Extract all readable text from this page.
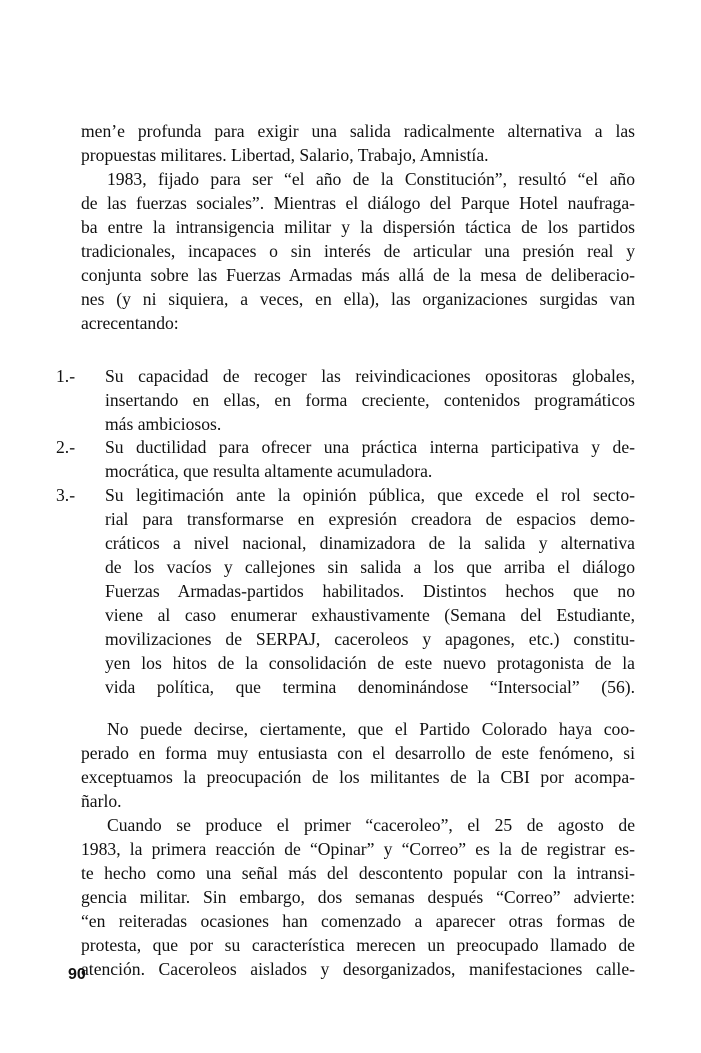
men’e profunda para exigir una salida radicalmente alternativa a las
propuestas militares. Libertad, Salario, Trabajo, Amnistía.
1983, fijado para ser “el año de la Constitución”, resultó “el año
de las fuerzas sociales”. Mientras el diálogo del Parque Hotel naufraga-
ba entre la intransigencia militar y la dispersión táctica de los partidos
tradicionales, incapaces o sin interés de articular una presión real y
conjunta sobre las Fuerzas Armadas más allá de la mesa de deliberacio-
nes (y ni siquiera, a veces, en ella), las organizaciones surgidas van
acrecentando:
1.- Su capacidad de recoger las reivindicaciones opositoras globales,
insertando en ellas, en forma creciente, contenidos programáticos
más ambiciosos.
2.- Su ductilidad para ofrecer una práctica interna participativa y de-
mocrática, que resulta altamente acumuladora.
3.- Su legitimación ante la opinión pública, que excede el rol secto-
rial para transformarse en expresión creadora de espacios demo-
cráticos a nivel nacional, dinamizadora de la salida y alternativa
de los vacíos y callejones sin salida a los que arriba el diálogo
Fuerzas Armadas-partidos habilitados. Distintos hechos que no
viene al caso enumerar exhaustivamente (Semana del Estudiante,
movilizaciones de SERPAJ, caceroleos y apagones, etc.) constitu-
yen los hitos de la consolidación de este nuevo protagonista de la
vida política, que termina denominándose “Intersocial” (56).
No puede decirse, ciertamente, que el Partido Colorado haya coo-
perado en forma muy entusiasta con el desarrollo de este fenómeno, si
exceptuamos la preocupación de los militantes de la CBI por acompa-
ñarlo.
Cuando se produce el primer “caceroleo”, el 25 de agosto de
1983, la primera reacción de “Opinar” y “Correo” es la de registrar es-
te hecho como una señal más del descontento popular con la intransi-
gencia militar. Sin embargo, dos semanas después “Correo” advierte:
“en reiteradas ocasiones han comenzado a aparecer otras formas de
protesta, que por su característica merecen un preocupado llamado de
atención. Caceroleos aislados y desorganizados, manifestaciones calle-
90
